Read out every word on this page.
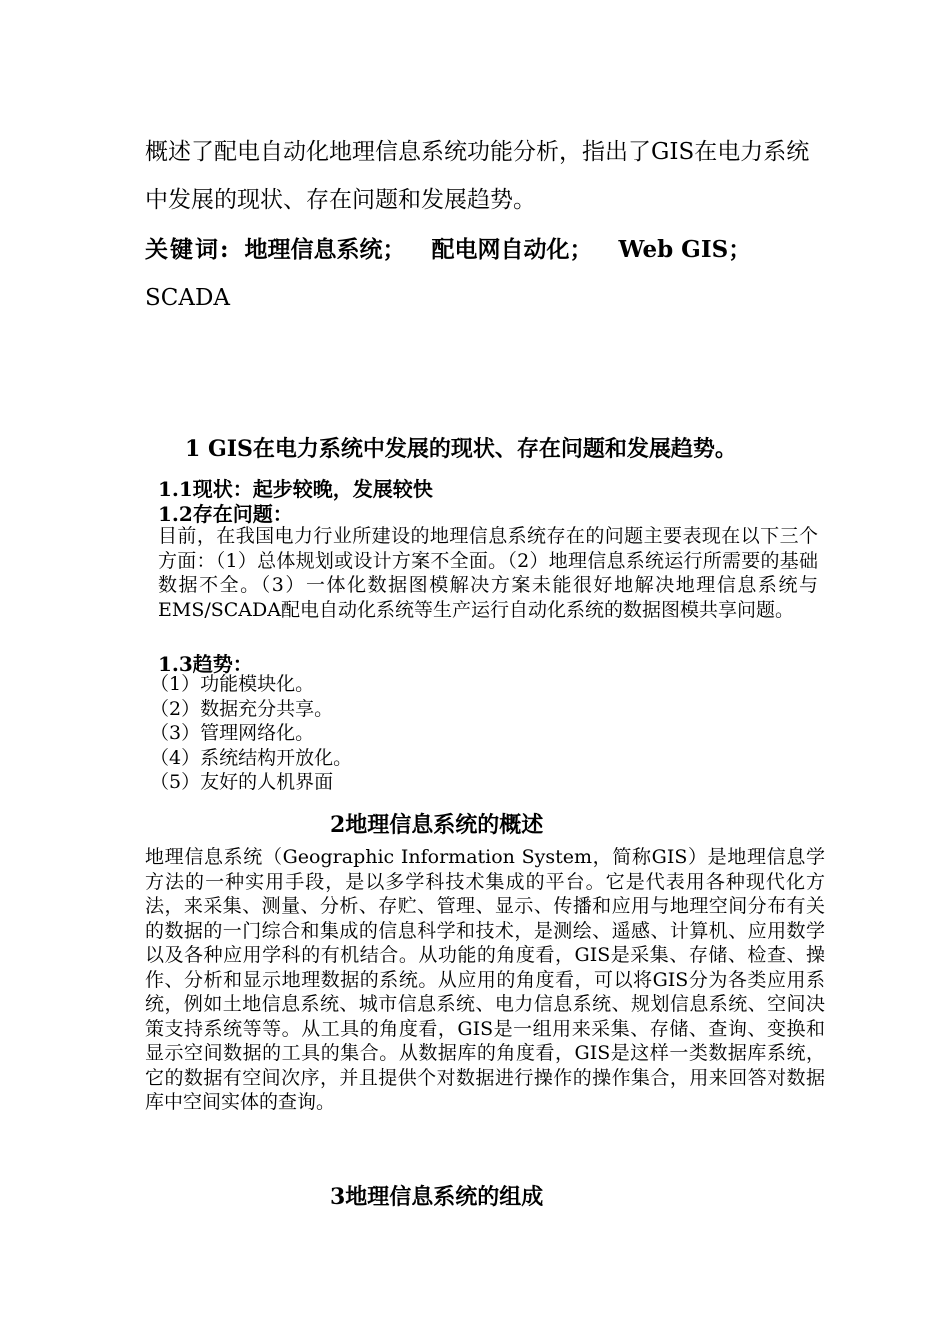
概述了配电自动化地理信息系统功能分析，指出了GIS在电力系统中发展的现状、存在问题和发展趋势。

关键词: 地理信息系统； 配电网自动化； Web GIS；
SCADA

1 GIS在电力系统中发展的现状、存在问题和发展趋势。
1.1现状：起步较晚，发展较快
1.2存在问题：

目前，在我国电力行业所建设的地理信息系统存在的问题主要表现在以下三个方面：（1）总体规划或设计方案不全面。（2）地理信息系统运行所需要的基础数据不全。（3）一体化数据图模解决方案未能很好地解决地理信息系统与EMS/SCADA配电自动化系统等生产运行自动化系统的数据图模共享问题。

1.3趋势：
（1）功能模块化。
（2）数据充分共享。
（3）管理网络化。
（4）系统结构开放化。
（5）友好的人机界面
2地理信息系统的概述

地理信息系统（Geographic Information System，简称GIS）是地理信息学方法的一种实用手段，是以多学科技术集成的平台。它是代表用各种现代化方法，来采集、测量、分析、存贮、管理、显示、传播和应用与地理空间分布有关的数据的一门综合和集成的信息科学和技术，是测绘、遥感、计算机、应用数学以及各种应用学科的有机结合。从功能的角度看，GIS是采集、存储、检查、操作、分析和显示地理数据的系统。从应用的角度看，可以将GIS分为各类应用系统，例如土地信息系统、城市信息系统、电力信息系统、规划信息系统、空间决策支持系统等等。从工具的角度看，GIS是一组用来采集、存储、查询、变换和显示空间数据的工具的集合。从数据库的角度看，GIS是这样一类数据库系统，它的数据有空间次序，并且提供个对数据进行操作的操作集合，用来回答对数据库中空间实体的查询。

3地理信息系统的组成
